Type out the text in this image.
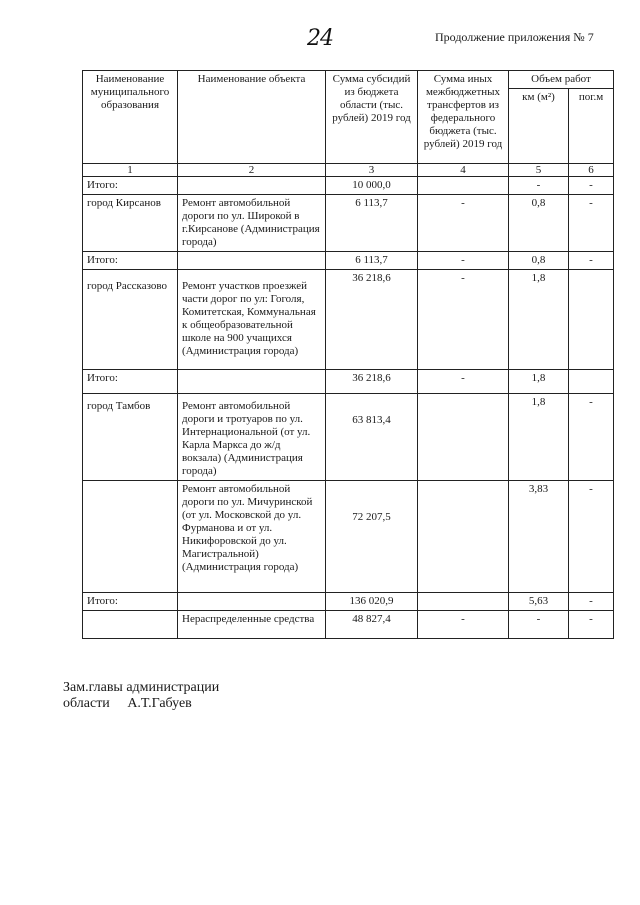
24	Продолжение приложения № 7
Наименование муниципального образования	Наименование объекта	Сумма субсидий из бюджета области (тыс. рублей) 2019 год	Сумма иных межбюджетных трансфертов из федерального бюджета (тыс. рублей) 2019 год	Объем работ	
				км (м²)	пог.м
1	2	3	4	5	6
Итого:		10 000,0		-	-
город Кирсанов	Ремонт автомобильной дороги по ул. Широкой в г.Кирсанове (Администрация города)	6 113,7	-	0,8	-
Итого:		6 113,7	-	0,8	-
город Рассказово	Ремонт участков проезжей части дорог по ул: Гоголя, Комитетская, Коммунальная к общеобразовательной школе на 900 учащихся (Администрация города)	36 218,6	-	1,8	
Итого:		36 218,6	-	1,8	
город Тамбов	Ремонт автомобильной дороги и тротуаров по ул. Интернациональной (от ул. Карла Маркса до ж/д вокзала) (Администрация города)	63 813,4		1,8	-
	Ремонт автомобильной дороги по ул. Мичуринской (от ул. Московской до ул. Фурманова и от ул. Никифоровской до ул. Магистральной) (Администрация города)	72 207,5		3,83	-
Итого:		136 020,9		5,63	-
	Нераспределенные средства	48 827,4	-	-	-
Зам.главы администрации
области А.Т.Габуев
